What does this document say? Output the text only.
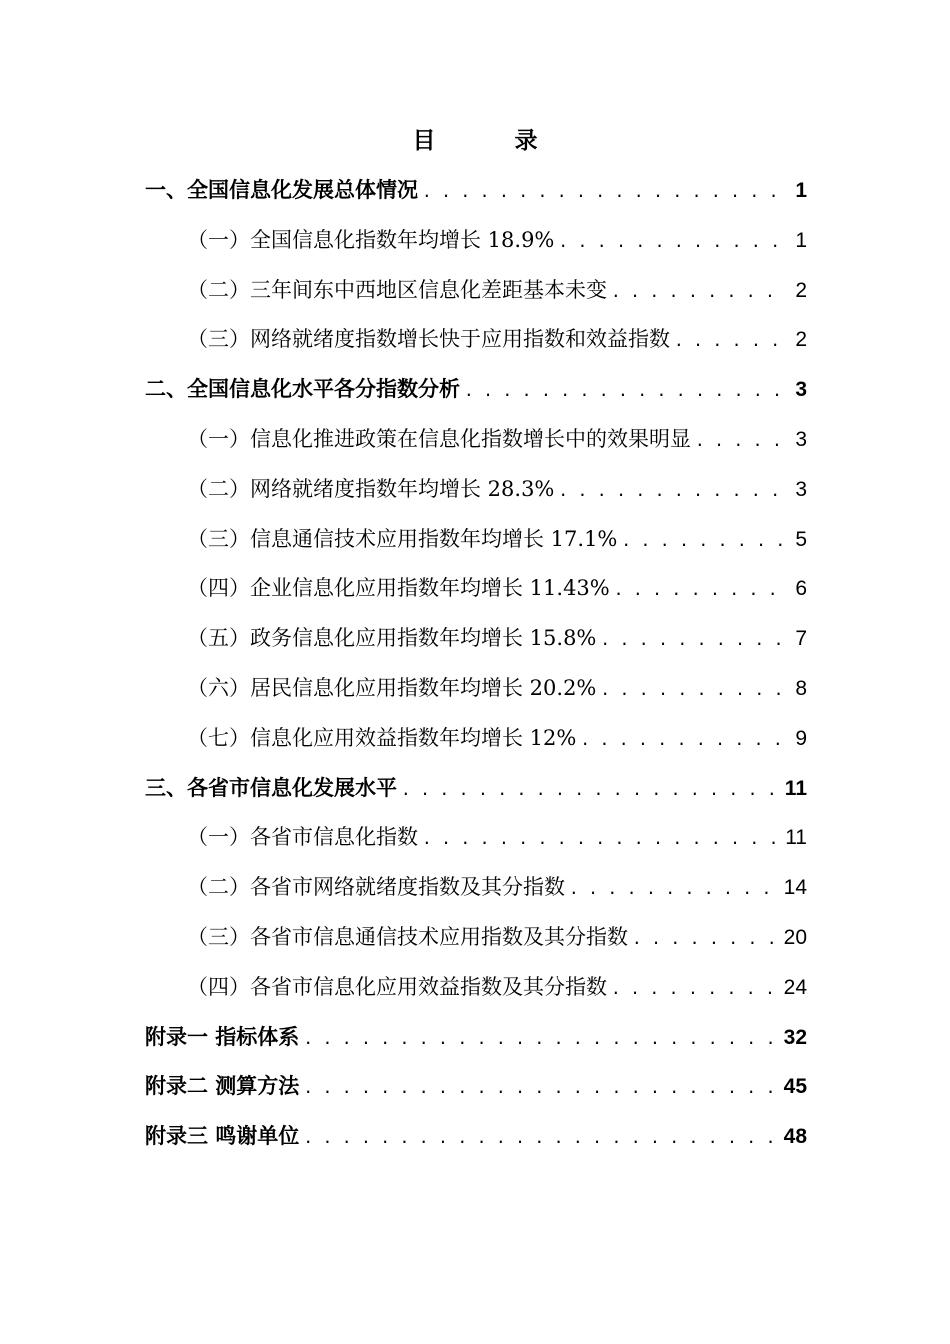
目　录
一、全国信息化发展总体情况 . . .	1
（一）全国信息化指数年均增长 18.9% . . .	1
（二）三年间东中西地区信息化差距基本未变 . . .	2
（三）网络就绪度指数增长快于应用指数和效益指数 . . .	2
二、全国信息化水平各分指数分析 . . .	3
（一）信息化推进政策在信息化指数增长中的效果明显 . . .	3
（二）网络就绪度指数年均增长 28.3% . . .	3
（三）信息通信技术应用指数年均增长 17.1% . . .	5
（四）企业信息化应用指数年均增长 11.43% . . .	6
（五）政务信息化应用指数年均增长 15.8% . . .	7
（六）居民信息化应用指数年均增长 20.2% . . .	8
（七）信息化应用效益指数年均增长 12% . . .	9
三、各省市信息化发展水平 . . .	11
（一）各省市信息化指数 . . .	11
（二）各省市网络就绪度指数及其分指数 . . .	14
（三）各省市信息通信技术应用指数及其分指数 . . .	20
（四）各省市信息化应用效益指数及其分指数 . . .	24
附录一 指标体系 . . .	32
附录二 测算方法 . . .	45
附录三 鸣谢单位 . . .	48
